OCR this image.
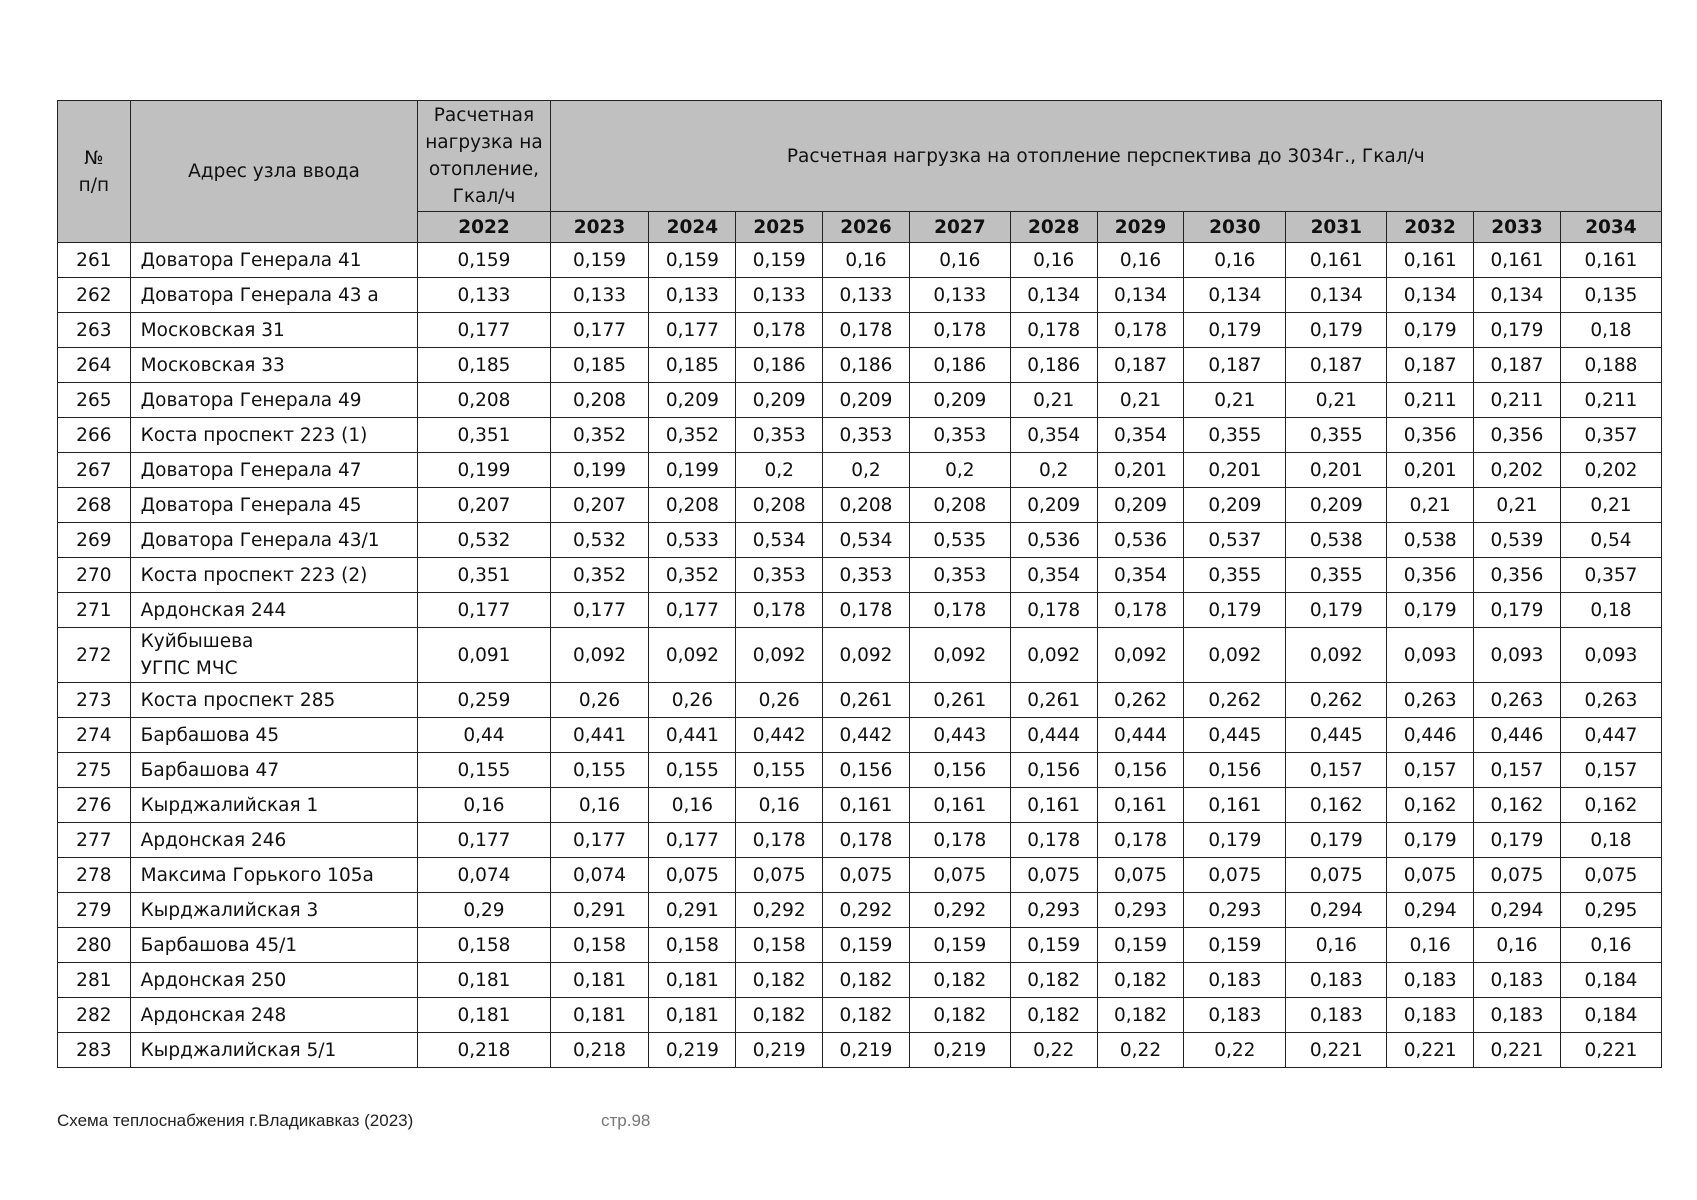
№
п/п	Адрес узла ввода	Расчетная нагрузка на отопление, Гкал/ч	Расчетная нагрузка на отопление перспектива до 3034г., Гкал/ч											
		2022	2023	2024	2025	2026	2027	2028	2029	2030	2031	2032	2033	2034
261	Доватора Генерала 41	0,159	0,159	0,159	0,159	0,16	0,16	0,16	0,16	0,16	0,161	0,161	0,161	0,161
262	Доватора Генерала 43 а	0,133	0,133	0,133	0,133	0,133	0,133	0,134	0,134	0,134	0,134	0,134	0,134	0,135
263	Московская 31	0,177	0,177	0,177	0,178	0,178	0,178	0,178	0,178	0,179	0,179	0,179	0,179	0,18
264	Московская 33	0,185	0,185	0,185	0,186	0,186	0,186	0,186	0,187	0,187	0,187	0,187	0,187	0,188
265	Доватора Генерала 49	0,208	0,208	0,209	0,209	0,209	0,209	0,21	0,21	0,21	0,21	0,211	0,211	0,211
266	Коста проспект 223 (1)	0,351	0,352	0,352	0,353	0,353	0,353	0,354	0,354	0,355	0,355	0,356	0,356	0,357
267	Доватора Генерала 47	0,199	0,199	0,199	0,2	0,2	0,2	0,2	0,201	0,201	0,201	0,201	0,202	0,202
268	Доватора Генерала 45	0,207	0,207	0,208	0,208	0,208	0,208	0,209	0,209	0,209	0,209	0,21	0,21	0,21
269	Доватора Генерала 43/1	0,532	0,532	0,533	0,534	0,534	0,535	0,536	0,536	0,537	0,538	0,538	0,539	0,54
270	Коста проспект 223 (2)	0,351	0,352	0,352	0,353	0,353	0,353	0,354	0,354	0,355	0,355	0,356	0,356	0,357
271	Ардонская 244	0,177	0,177	0,177	0,178	0,178	0,178	0,178	0,178	0,179	0,179	0,179	0,179	0,18
272	Куйбышева
УГПС МЧС	0,091	0,092	0,092	0,092	0,092	0,092	0,092	0,092	0,092	0,092	0,093	0,093	0,093
273	Коста проспект 285	0,259	0,26	0,26	0,26	0,261	0,261	0,261	0,262	0,262	0,262	0,263	0,263	0,263
274	Барбашова 45	0,44	0,441	0,441	0,442	0,442	0,443	0,444	0,444	0,445	0,445	0,446	0,446	0,447
275	Барбашова 47	0,155	0,155	0,155	0,155	0,156	0,156	0,156	0,156	0,156	0,157	0,157	0,157	0,157
276	Кырджалийская 1	0,16	0,16	0,16	0,16	0,161	0,161	0,161	0,161	0,161	0,162	0,162	0,162	0,162
277	Ардонская 246	0,177	0,177	0,177	0,178	0,178	0,178	0,178	0,178	0,179	0,179	0,179	0,179	0,18
278	Максима Горького 105а	0,074	0,074	0,075	0,075	0,075	0,075	0,075	0,075	0,075	0,075	0,075	0,075	0,075
279	Кырджалийская 3	0,29	0,291	0,291	0,292	0,292	0,292	0,293	0,293	0,293	0,294	0,294	0,294	0,295
280	Барбашова 45/1	0,158	0,158	0,158	0,158	0,159	0,159	0,159	0,159	0,159	0,16	0,16	0,16	0,16
281	Ардонская 250	0,181	0,181	0,181	0,182	0,182	0,182	0,182	0,182	0,183	0,183	0,183	0,183	0,184
282	Ардонская 248	0,181	0,181	0,181	0,182	0,182	0,182	0,182	0,182	0,183	0,183	0,183	0,183	0,184
283	Кырджалийская 5/1	0,218	0,218	0,219	0,219	0,219	0,219	0,22	0,22	0,22	0,221	0,221	0,221	0,221
Схема теплоснабжения г.Владикавказ (2023)	стр.98
